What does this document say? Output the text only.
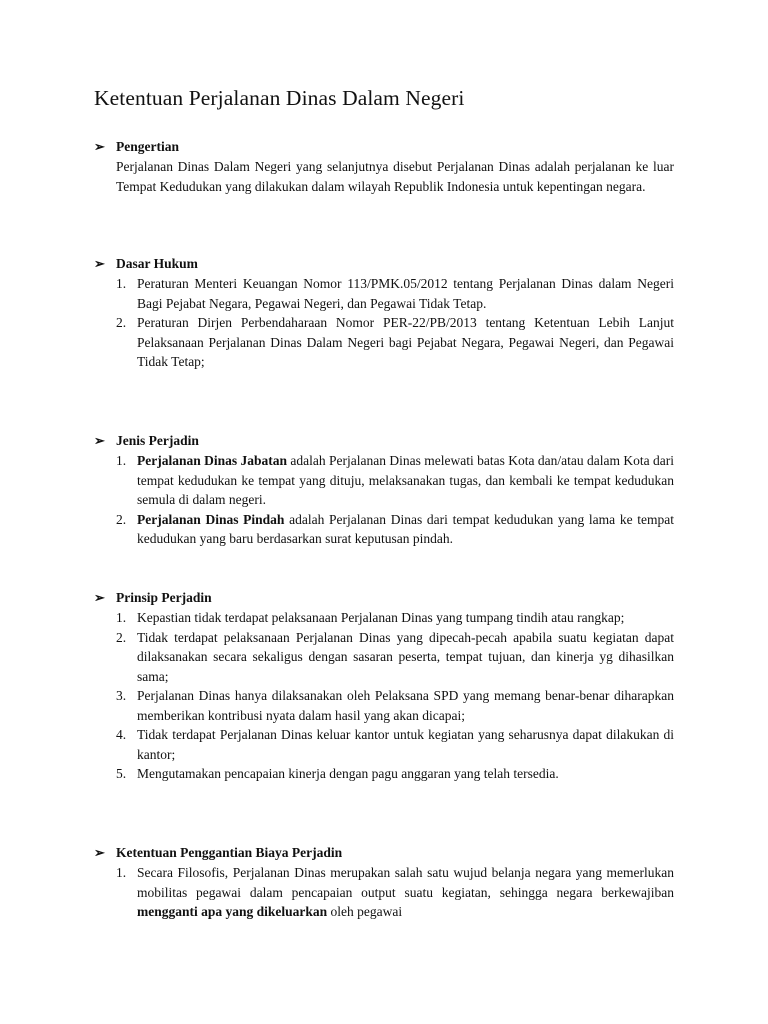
Ketentuan Perjalanan Dinas Dalam Negeri
➢ Pengertian

Perjalanan Dinas Dalam Negeri yang selanjutnya disebut Perjalanan Dinas adalah perjalanan ke luar Tempat Kedudukan yang dilakukan dalam wilayah Republik Indonesia untuk kepentingan negara.

➢ Dasar Hukum
1. Peraturan Menteri Keuangan Nomor 113/PMK.05/2012 tentang Perjalanan Dinas dalam Negeri Bagi Pejabat Negara, Pegawai Negeri, dan Pegawai Tidak Tetap.
2. Peraturan Dirjen Perbendaharaan Nomor PER-22/PB/2013 tentang Ketentuan Lebih Lanjut Pelaksanaan Perjalanan Dinas Dalam Negeri bagi Pejabat Negara, Pegawai Negeri, dan Pegawai Tidak Tetap;
➢ Jenis Perjadin
1. Perjalanan Dinas Jabatan adalah Perjalanan Dinas melewati batas Kota dan/atau dalam Kota dari tempat kedudukan ke tempat yang dituju, melaksanakan tugas, dan kembali ke tempat kedudukan semula di dalam negeri.
2. Perjalanan Dinas Pindah adalah Perjalanan Dinas dari tempat kedudukan yang lama ke tempat kedudukan yang baru berdasarkan surat keputusan pindah.
➢ Prinsip Perjadin
1. Kepastian tidak terdapat pelaksanaan Perjalanan Dinas yang tumpang tindih atau rangkap;
2. Tidak terdapat pelaksanaan Perjalanan Dinas yang dipecah-pecah apabila suatu kegiatan dapat dilaksanakan secara sekaligus dengan sasaran peserta, tempat tujuan, dan kinerja yg dihasilkan sama;
3. Perjalanan Dinas hanya dilaksanakan oleh Pelaksana SPD yang memang benar-benar diharapkan memberikan kontribusi nyata dalam hasil yang akan dicapai;
4. Tidak terdapat Perjalanan Dinas keluar kantor untuk kegiatan yang seharusnya dapat dilakukan di kantor;
5. Mengutamakan pencapaian kinerja dengan pagu anggaran yang telah tersedia.
➢ Ketentuan Penggantian Biaya Perjadin
1. Secara Filosofis, Perjalanan Dinas merupakan salah satu wujud belanja negara yang memerlukan mobilitas pegawai dalam pencapaian output suatu kegiatan, sehingga negara berkewajiban mengganti apa yang dikeluarkan oleh pegawai
